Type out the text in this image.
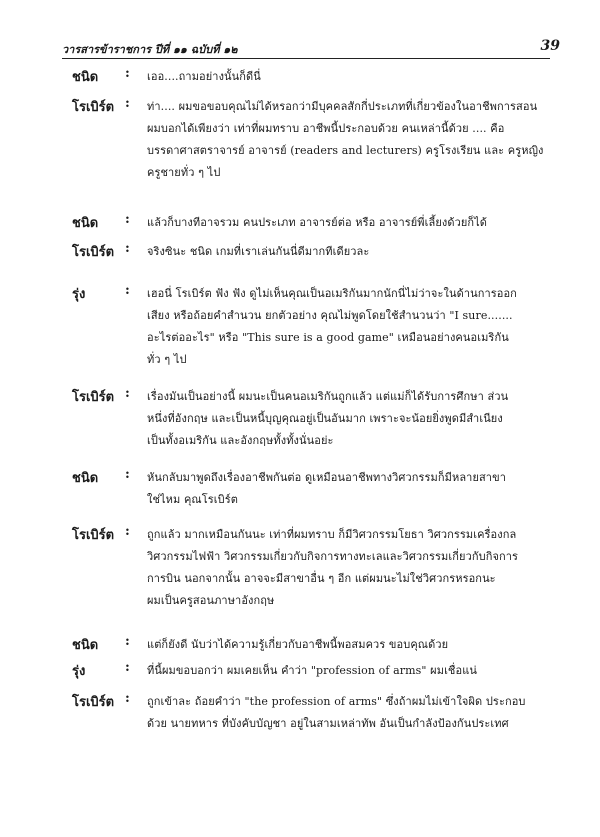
วารสารข้าราชการ ปีที่ ๑๑ ฉบับที่ ๑๒	39
ชนิด	: เออ....ถามอย่างนั้นก็ดีนี่
โรเบิร์ต : ท่า.... ผมขอขอบคุณไม่ได้หรอกว่ามีบุคคลสักกี่ประเภทที่เกี่ยวข้องในอาชีพการสอน
ผมบอกได้เพียงว่า เท่าที่ผมทราบ อาชีพนี้ประกอบด้วย คนเหล่านี้ด้วย .... คือ
บรรดาศาสตราจารย์ อาจารย์ (readers and lecturers) ครูโรงเรียน และ ครูหญิง
ครูชายทั่ว ๆ ไป
ชนิด	: แล้วก็บางทีอาจรวม คนประเภท อาจารย์ต่อ หรือ อาจารย์พี่เลี้ยงด้วยก็ได้
โรเบิร์ต : จริงซินะ ชนิด เกมที่เราเล่นกันนี่ดีมากทีเดียวละ
รุ่ง	: เฮอนี่ โรเบิร์ต ฟัง ฟัง ดูไม่เห็นคุณเป็นอเมริกันมากนักนี่ไม่ว่าจะในด้านการออก
เสียง หรือถ้อยคำสำนวน ยกตัวอย่าง คุณไม่พูดโดยใช้สำนวนว่า "I sure.......
อะไรต่ออะไร" หรือ "This sure is a good game" เหมือนอย่างคนอเมริกัน
ทั่ว ๆ ไป
โรเบิร์ต : เรื่องมันเป็นอย่างนี้ ผมนะเป็นคนอเมริกันถูกแล้ว แต่แม่ก็ได้รับการศึกษา ส่วน
หนึ่งที่อังกฤษ และเป็นหนี้บุญคุณอยู่เป็นอันมาก เพราะจะน้อยยิ่งพูดมีสำเนียง
เป็นทั้งอเมริกัน และอังกฤษทั้งทั้งนั่นอย่ะ
ชนิด	: หันกลับมาพูดถึงเรื่องอาชีพกันต่อ ดูเหมือนอาชีพทางวิศวกรรมก็มีหลายสาขา
ใช่ไหม คุณโรเบิร์ต
โรเบิร์ต : ถูกแล้ว มากเหมือนกันนะ เท่าที่ผมทราบ ก็มีวิศวกรรมโยธา วิศวกรรมเครื่องกล
วิศวกรรมไฟฟ้า วิศวกรรมเกี่ยวกับกิจการทางทะเลและวิศวกรรมเกี่ยวกับกิจการ
การบิน นอกจากนั้น อาจจะมีสาขาอื่น ๆ อีก แต่ผมนะไม่ใช่วิศวกรหรอกนะ
ผมเป็นครูสอนภาษาอังกฤษ
ชนิด	: แต่ก็ยังดี นับว่าได้ความรู้เกี่ยวกับอาชีพนี้พอสมควร ขอบคุณด้วย
รุ่ง	: ที่นี้ผมขอบอกว่า ผมเคยเห็น คำว่า "profession of arms" ผมเชื่อแน่
โรเบิร์ต : ถูกเข้าละ ถ้อยคำว่า "the profession of arms" ซึ่งถ้าผมไม่เข้าใจผิด ประกอบ
ด้วย นายทหาร ที่บังคับบัญชา อยู่ในสามเหล่าทัพ อันเป็นกำลังป้องกันประเทศ
